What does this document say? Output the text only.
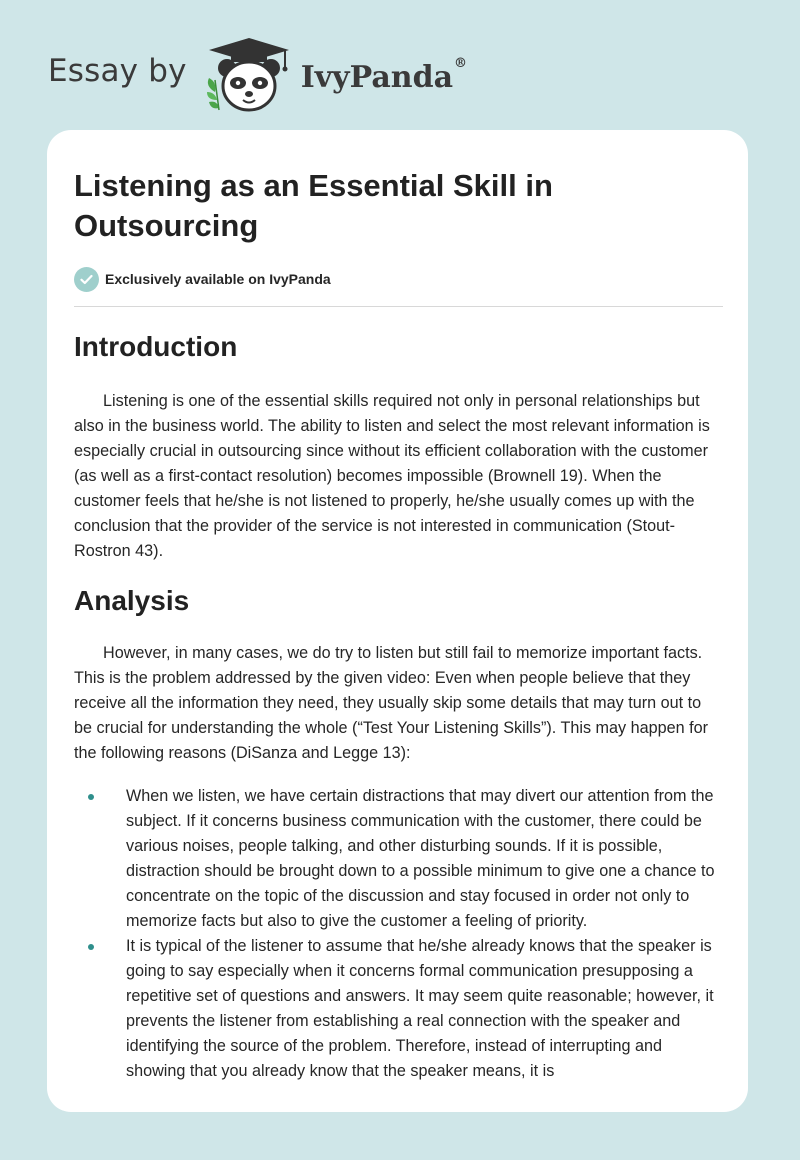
Essay by	IvyPanda®
Listening as an Essential Skill in Outsourcing
Exclusively available on IvyPanda
Introduction

Listening is one of the essential skills required not only in personal relationships but also in the business world. The ability to listen and select the most relevant information is especially crucial in outsourcing since without its efficient collaboration with the customer (as well as a first-contact resolution) becomes impossible (Brownell 19). When the customer feels that he/she is not listened to properly, he/she usually comes up with the conclusion that the provider of the service is not interested in communication (Stout-Rostron 43).

Analysis

However, in many cases, we do try to listen but still fail to memorize important facts. This is the problem addressed by the given video: Even when people believe that they receive all the information they need, they usually skip some details that may turn out to be crucial for understanding the whole (“Test Your Listening Skills”). This may happen for the following reasons (DiSanza and Legge 13):

When we listen, we have certain distractions that may divert our attention from the subject. If it concerns business communication with the customer, there could be various noises, people talking, and other disturbing sounds. If it is possible, distraction should be brought down to a possible minimum to give one a chance to concentrate on the topic of the discussion and stay focused in order not only to memorize facts but also to give the customer a feeling of priority.
It is typical of the listener to assume that he/she already knows that the speaker is going to say especially when it concerns formal communication presupposing a repetitive set of questions and answers. It may seem quite reasonable; however, it prevents the listener from establishing a real connection with the speaker and identifying the source of the problem. Therefore, instead of interrupting and showing that you already know that the speaker means, it is
